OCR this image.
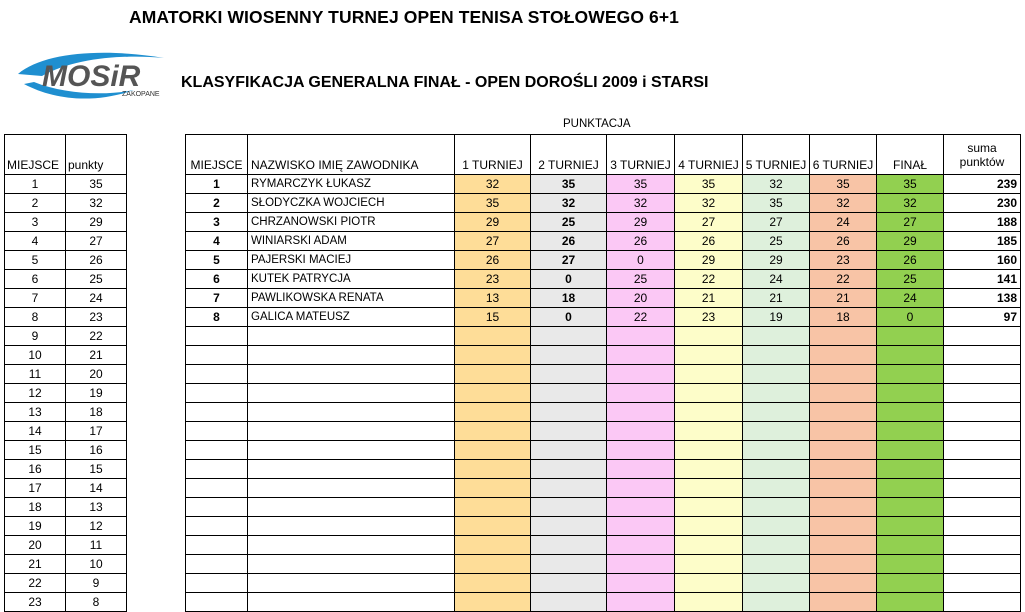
AMATORKI WIOSENNY TURNEJ OPEN TENISA STOŁOWEGO 6+1
MOSiR
ZAKOPANE
KLASYFIKACJA GENERALNA FINAŁ - OPEN DOROŚLI 2009 i STARSI
PUNKTACJA
MIEJSCE	punkty
1	35
2	32
3	29
4	27
5	26
6	25
7	24
8	23
9	22
10	21
11	20
12	19
13	18
14	17
15	16
16	15
17	14
18	13
19	12
20	11
21	10
22	9
23	8
MIEJSCE	NAZWISKO IMIĘ ZAWODNIKA	1 TURNIEJ	2 TURNIEJ	3 TURNIEJ	4 TURNIEJ	5 TURNIEJ	6 TURNIEJ	FINAŁ	suma
punktów

1	RYMARCZYK ŁUKASZ	32	35	35	35	32	35	35	239
2	SŁODYCZKA WOJCIECH	35	32	32	32	35	32	32	230
3	CHRZANOWSKI PIOTR	29	25	29	27	27	24	27	188
4	WINIARSKI ADAM	27	26	26	26	25	26	29	185
5	PAJERSKI MACIEJ	26	27	0	29	29	23	26	160
6	KUTEK PATRYCJA	23	0	25	22	24	22	25	141
7	PAWLIKOWSKA RENATA	13	18	20	21	21	21	24	138
8	GALICA MATEUSZ	15	0	22	23	19	18	0	97
